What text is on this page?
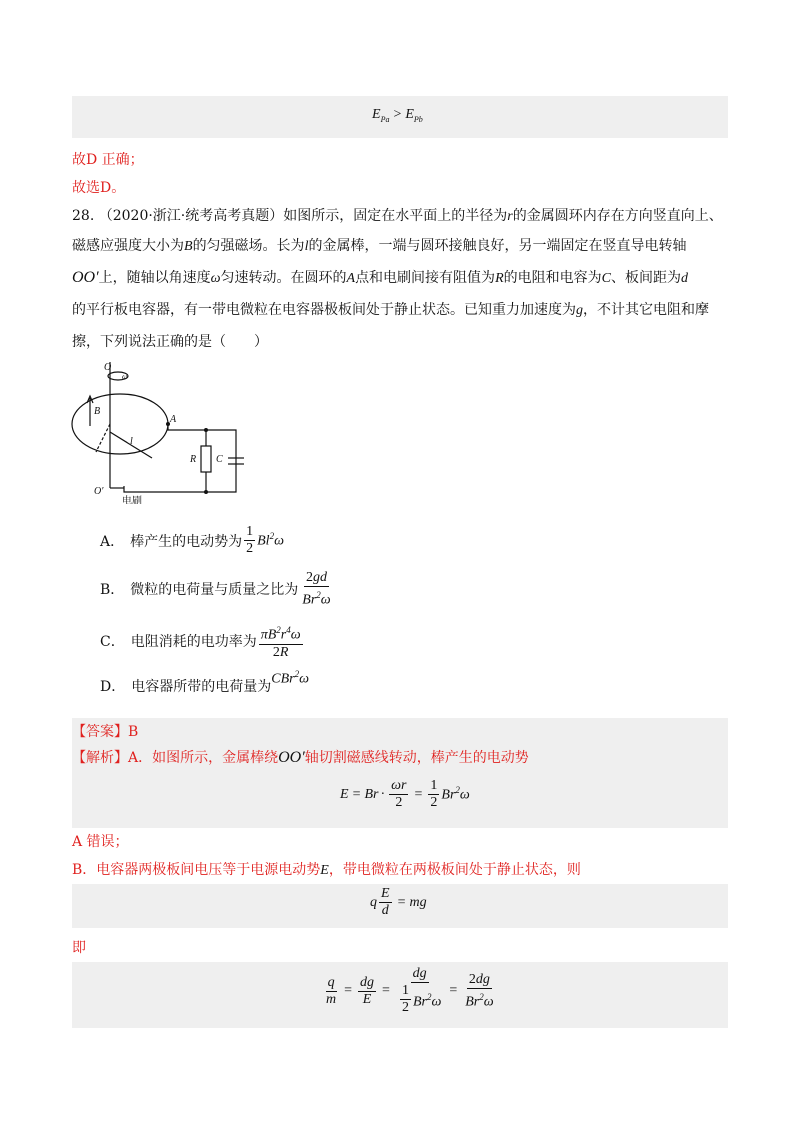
$E_{Pa} > E_{Pb}$
故D 正确；
故选D。
28. （2020·浙江·统考高考真题）如图所示，固定在水平面上的半径为r的金属圆环内存在方向竖直向上、
磁感应强度大小为B的匀强磁场。长为l的金属棒，一端与圆环接触良好，另一端固定在竖直导电转轴
OO′上，随轴以角速度ω匀速转动。在圆环的A点和电刷间接有阻值为R的电阻和电容为C、板间距为d
的平行板电容器，有一带电微粒在电容器极板间处于静止状态。已知重力加速度为g，不计其它电阻和摩
擦，下列说法正确的是（　　）
O
ω
B
l
A
R C
O′
电刷
A． 棒产生的电动势为 $\frac{1}{2} Bl^2\omega$
B． 微粒的电荷量与质量之比为 $\frac{2gd}{Br^2\omega}$
C． 电阻消耗的电功率为 $\frac{\pi B^2r^4\omega}{2R}$
D． 电容器所带的电荷量为
CBr$^2$ω
【答案】B
【解析】A．如图所示，金属棒绕OO′轴切割磁感线转动，棒产生的电动势
$E = Br \cdot \frac{\omega r}{2} = \frac{1}{2} Br^2\omega$
A 错误；
B．电容器两极板间电压等于电源电动势E，带电微粒在两极板间处于静止状态，则
q $\frac{E}{d}$ = mg
即
$\frac{q}{m} = \frac{dg}{E} = \frac{dg}{\frac{1}{2} Br^2\omega} = \frac{2dg}{Br^2\omega}$
